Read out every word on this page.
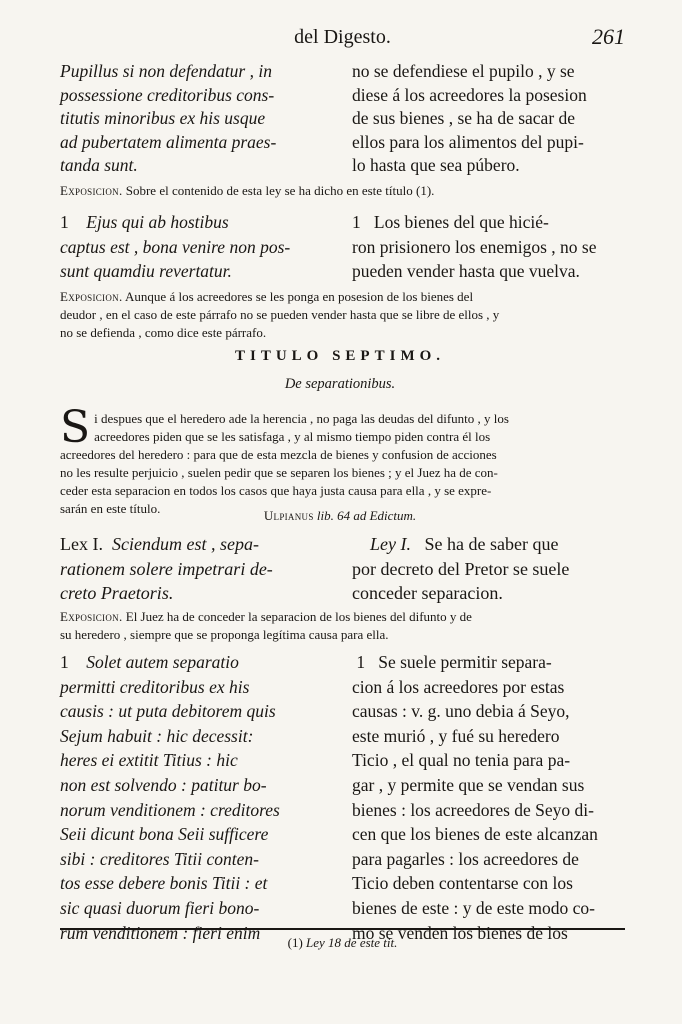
del Digesto.	261
Pupillus si non defendatur , in
possessione creditoribus cons-
titutis minoribus ex his usque
ad pubertatem alimenta praes-
tanda sunt.
no se defendiese el pupilo , y se
diese á los acreedores la posesion
de sus bienes , se ha de sacar de
ellos para los alimentos del pupi-
lo hasta que sea púbero.
Exposicion. Sobre el contenido de esta ley se ha dicho en este título (1).
1 Ejus qui ab hostibus
captus est , bona venire non pos-
sunt quamdiu revertatur.
1 Los bienes del que hicié-
ron prisionero los enemigos , no se
pueden vender hasta que vuelva.
Exposicion. Aunque á los acreedores se les ponga en posesion de los bienes del
deudor , en el caso de este párrafo no se pueden vender hasta que se libre de ellos , y
no se defienda , como dice este párrafo.
TITULO SEPTIMO.
De separationibus.
S i despues que el heredero ade la herencia , no paga las deudas del difunto , y los
acreedores piden que se les satisfaga , y al mismo tiempo piden contra él los
acreedores del heredero : para que de esta mezcla de bienes y confusion de acciones
no les resulte perjuicio , suelen pedir que se separen los bienes ; y el Juez ha de con-
ceder esta separacion en todos los casos que haya justa causa para ella , y se expre-
sarán en este título.	Ulpianus lib. 64 ad Edictum.
Lex I. Sciendum est , sepa-
rationem solere impetrari de-
creto Praetoris.
Ley I. Se ha de saber que
por decreto del Pretor se suele
conceder separacion.
Exposicion. El Juez ha de conceder la separacion de los bienes del difunto y de
su heredero , siempre que se proponga legítima causa para ella.
1 Solet autem separatio
permitti creditoribus ex his
causis : ut puta debitorem quis
Sejum habuit : hic decessit:
heres ei extitit Titius : hic
non est solvendo : patitur bo-
norum venditionem : creditores
Seii dicunt bona Seii sufficere
sibi : creditores Titii conten-
tos esse debere bonis Titii : et
sic quasi duorum fieri bono-
rum venditionem : fieri enim
1 Se suele permitir separa-
cion á los acreedores por estas
causas : v. g. uno debia á Seyo,
este murió , y fué su heredero
Ticio , el qual no tenia para pa-
gar , y permite que se vendan sus
bienes : los acreedores de Seyo di-
cen que los bienes de este alcanzan
para pagarles : los acreedores de
Ticio deben contentarse con los
bienes de este : y de este modo co-
mo se venden los bienes de los
(1) Ley 18 de este tit.
